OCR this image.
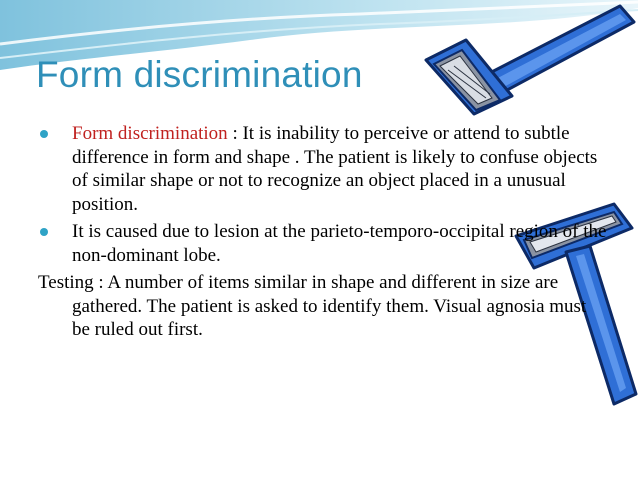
Form discrimination

Form discrimination : It is inability to perceive or attend to subtle difference in form and shape . The patient is likely to confuse objects of similar shape or not to recognize an object placed in a unusual position.

It is caused due to lesion at the parieto-temporo-occipital region of the non-dominant lobe.

Testing : A number of items similar in shape and different in size are gathered. The patient is asked to identify them. Visual agnosia must be ruled out first.
